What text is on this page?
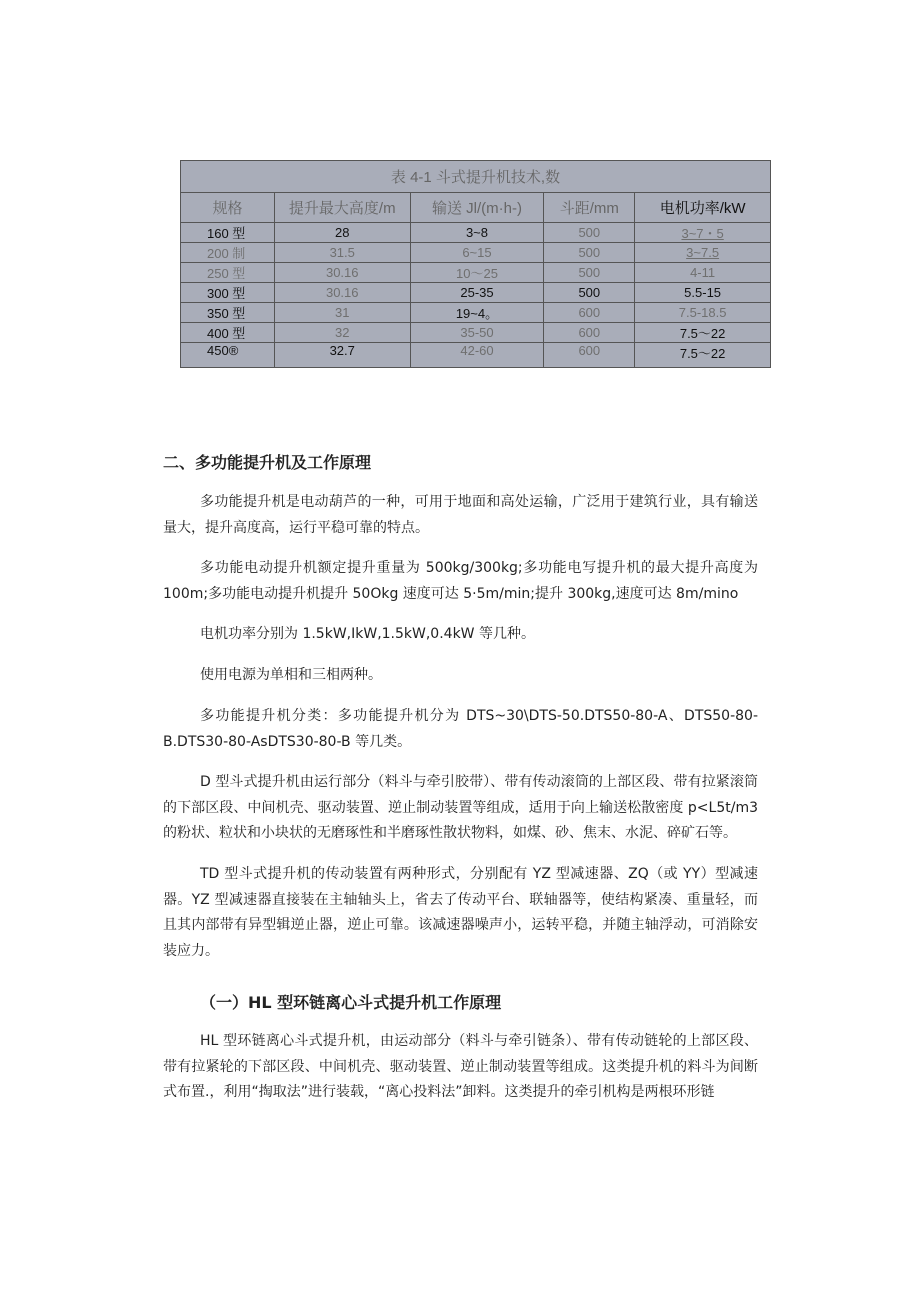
表 4-1 斗式提升机技术,数				
规格	提升最大高度/m	输送 Jl/(m·h-)	斗距/mm	电机功率/kW
160 型	28	3~8	500	3~7・5
200 制	31.5	6~15	500	3~7.5
250 型	30.16	10～25	500	4-11
300 型	30.16	25-35	500	5.5-15
350 型	31	19~4。	600	7.5-18.5
400 型	32	35-50	600	7.5～22
450®	32.7	42-60	600	7.5～22
二、多功能提升机及工作原理
多功能提升机是电动葫芦的一种，可用于地面和高处运输，广泛用于建筑行业，具有输送量大，提升高度高，运行平稳可靠的特点。
多功能电动提升机额定提升重量为 500kg/300kg;多功能电写提升机的最大提升高度为 100m;多功能电动提升机提升 50Okg 速度可达 5·5m/min;提升 300kg,速度可达 8m/mino
电机功率分别为 1.5kW,IkW,1.5kW,0.4kW 等几种。
使用电源为单相和三相两种。
多功能提升机分类：多功能提升机分为 DTS~30\DTS-50.DTS50-80-A、DTS50-80-B.DTS30-80-AsDTS30-80-B 等几类。
D 型斗式提升机由运行部分（料斗与牵引胶带）、带有传动滚筒的上部区段、带有拉紧滚筒的下部区段、中间机壳、驱动装置、逆止制动装置等组成，适用于向上输送松散密度 p<L5t/m3 的粉状、粒状和小块状的无磨琢性和半磨琢性散状物料，如煤、砂、焦末、水泥、碎矿石等。
TD 型斗式提升机的传动装置有两种形式，分别配有 YZ 型减速器、ZQ（或 YY）型减速器。YZ 型减速器直接装在主轴轴头上，省去了传动平台、联轴器等，使结构紧凑、重量轻，而且其内部带有异型辑逆止器，逆止可靠。该减速器噪声小，运转平稳，并随主轴浮动，可消除安装应力。
（一）HL 型环链离心斗式提升机工作原理
HL 型环链离心斗式提升机，由运动部分（料斗与牵引链条）、带有传动链轮的上部区段、带有拉紧轮的下部区段、中间机壳、驱动装置、逆止制动装置等组成。这类提升机的料斗为间断式布置.，利用“掏取法”进行装载，“离心投料法”卸料。这类提升的牵引机构是两根环形链
